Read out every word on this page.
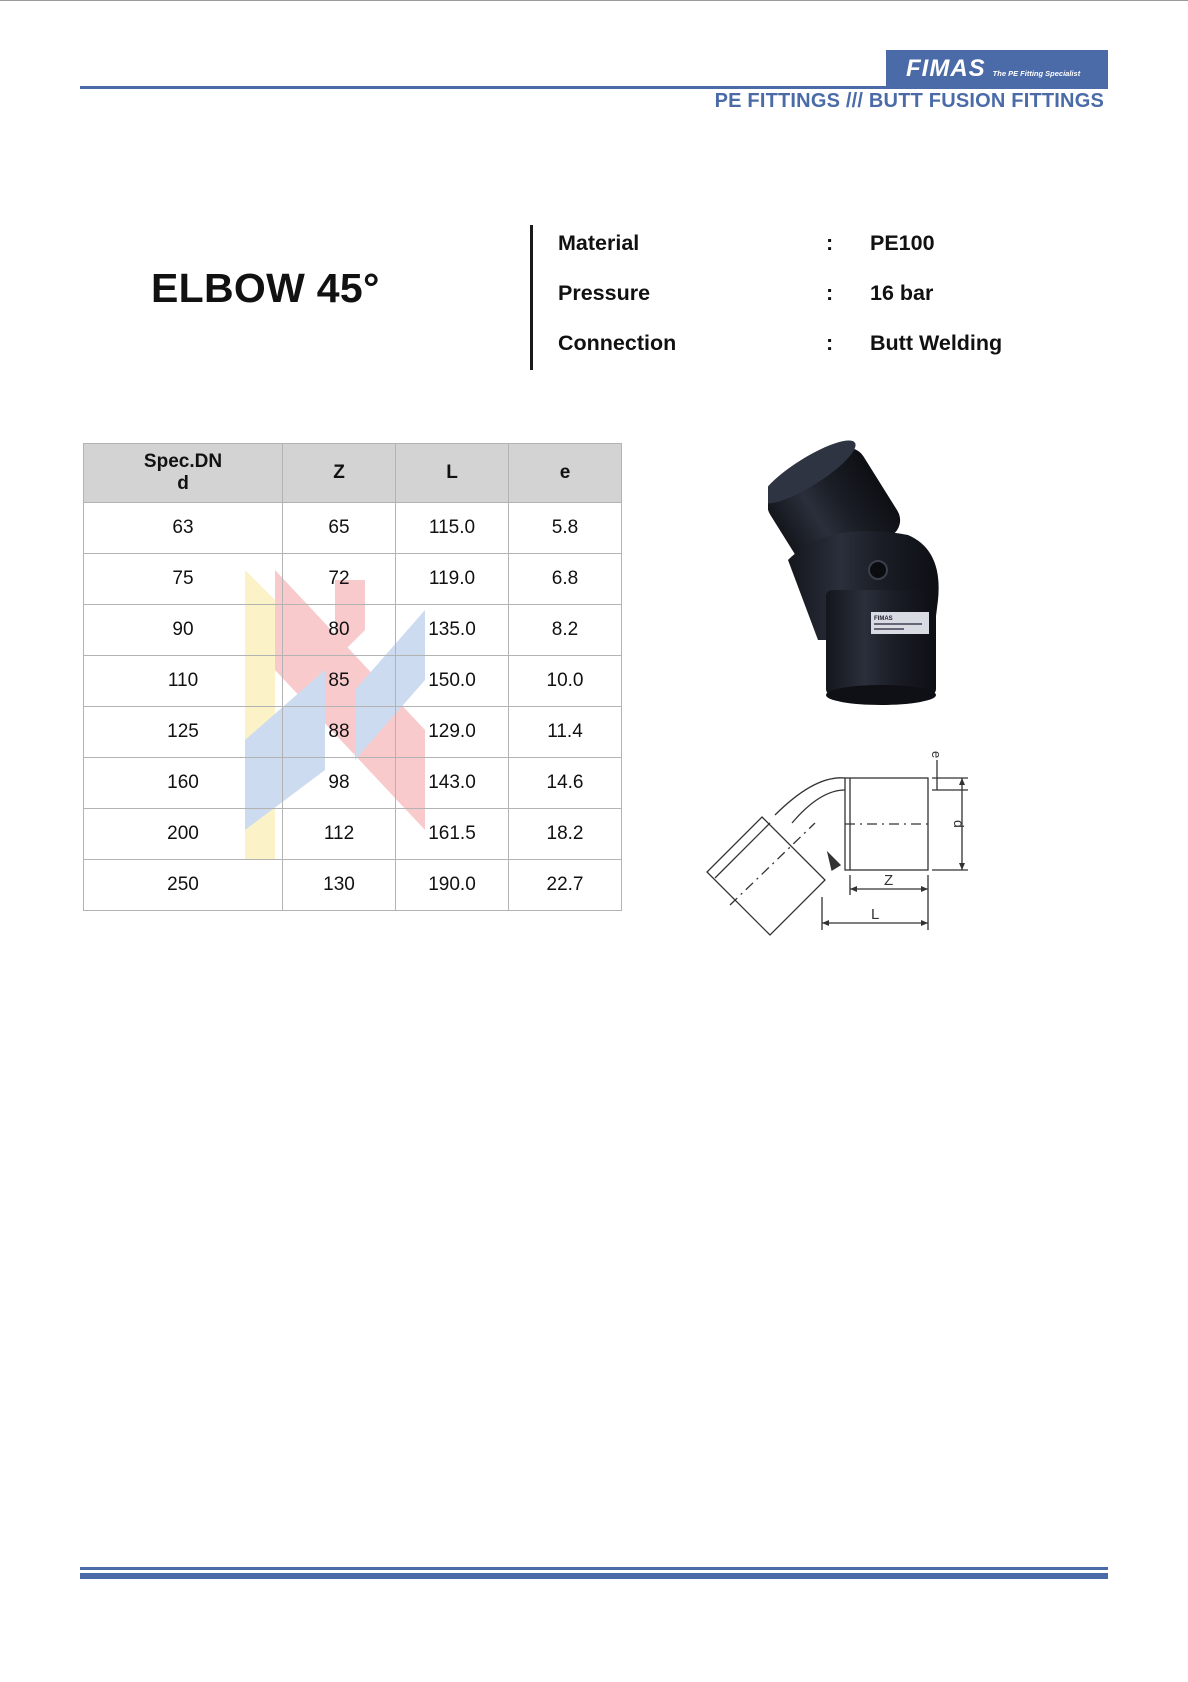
FIMAS The PE Fitting Specialist
PE FITTINGS /// BUTT FUSION FITTINGS
ELBOW 45°
Material	: PE100
Pressure	: 16 bar
Connection	: Butt Welding
Spec.DN
d	Z	L	e
63	65	115.0	5.8
75	72	119.0	6.8
90	80	135.0	8.2
110	85	150.0	10.0
125	88	129.0	11.4
160	98	143.0	14.6
200	112	161.5	18.2
250	130	190.0	22.7
FIMAS
e
d
Z
L
